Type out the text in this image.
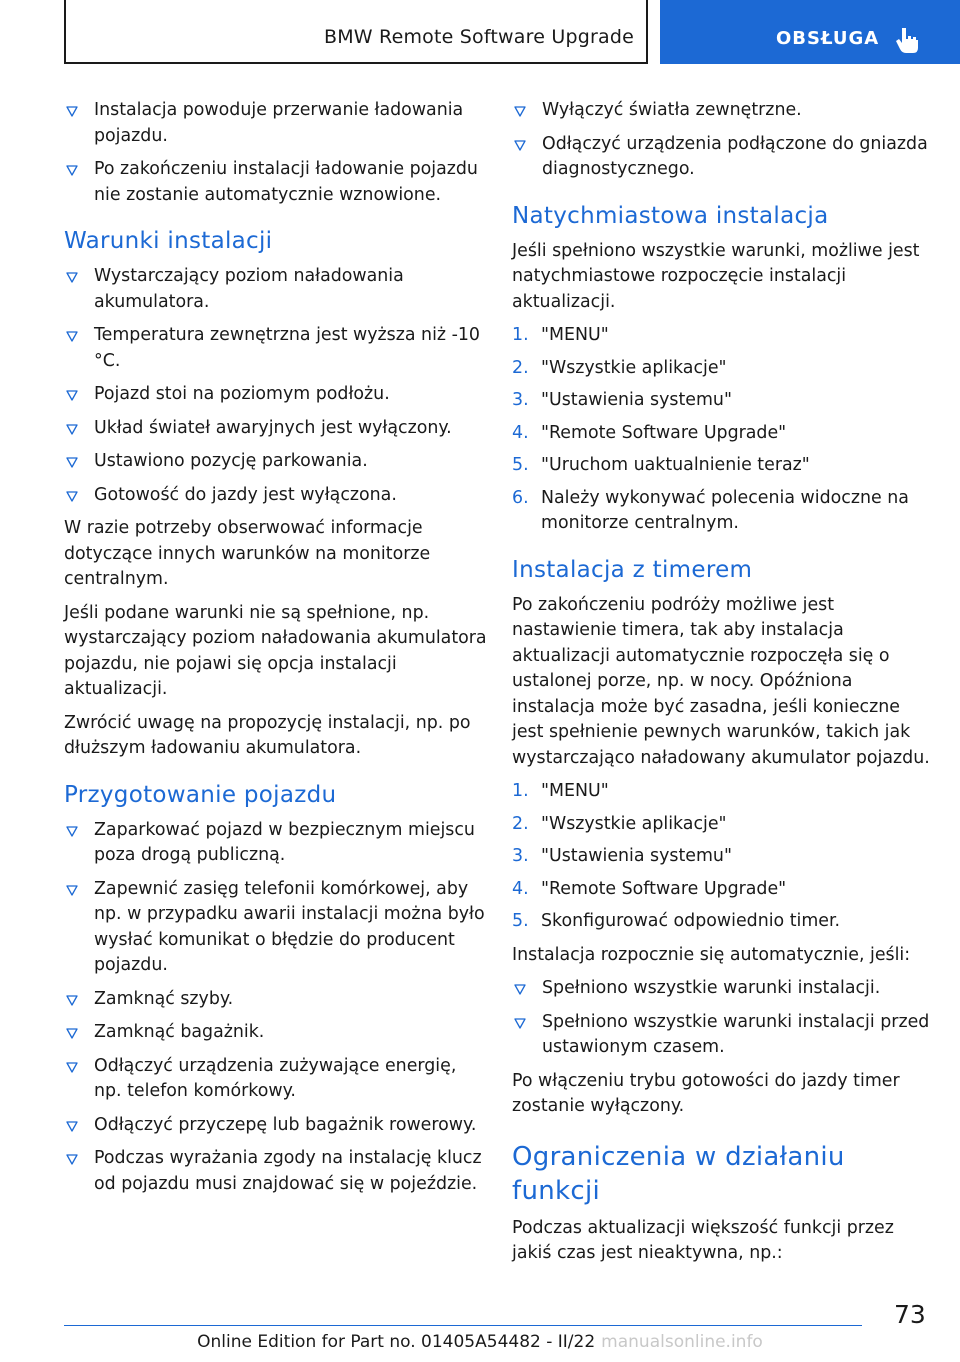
BMW Remote Software Upgrade	OBSŁUGA
Instalacja powoduje przerwanie ładowania pojazdu.
Po zakończeniu instalacji ładowanie pojazdu nie zostanie automatycznie wznowione.
Warunki instalacji
Wystarczający poziom naładowania akumulatora.
Temperatura zewnętrzna jest wyższa niż -10 °C.
Pojazd stoi na poziomym podłożu.
Układ świateł awaryjnych jest wyłączony.
Ustawiono pozycję parkowania.
Gotowość do jazdy jest wyłączona.

W razie potrzeby obserwować informacje dotyczące innych warunków na monitorze centralnym.

Jeśli podane warunki nie są spełnione, np. wystarczający poziom naładowania akumulatora pojazdu, nie pojawi się opcja instalacji aktualizacji.

Zwrócić uwagę na propozycję instalacji, np. po dłuższym ładowaniu akumulatora.

Przygotowanie pojazdu
Zaparkować pojazd w bezpiecznym miejscu poza drogą publiczną.
Zapewnić zasięg telefonii komórkowej, aby np. w przypadku awarii instalacji można było wysłać komunikat o błędzie do producent pojazdu.
Zamknąć szyby.
Zamknąć bagażnik.
Odłączyć urządzenia zużywające energię, np. telefon komórkowy.
Odłączyć przyczepę lub bagażnik rowerowy.
Podczas wyrażania zgody na instalację klucz od pojazdu musi znajdować się w pojeździe.
Wyłączyć światła zewnętrzne.
Odłączyć urządzenia podłączone do gniazda diagnostycznego.
Natychmiastowa instalacja

Jeśli spełniono wszystkie warunki, możliwe jest natychmiastowe rozpoczęcie instalacji aktualizacji.

1. "MENU"
2. "Wszystkie aplikacje"
3. "Ustawienia systemu"
4. "Remote Software Upgrade"
5. "Uruchom uaktualnienie teraz"
6. Należy wykonywać polecenia widoczne na monitorze centralnym.
Instalacja z timerem

Po zakończeniu podróży możliwe jest nastawienie timera, tak aby instalacja aktualizacji automatycznie rozpoczęła się o ustalonej porze, np. w nocy. Opóźniona instalacja może być zasadna, jeśli konieczne jest spełnienie pewnych warunków, takich jak wystarczająco naładowany akumulator pojazdu.

1. "MENU"
2. "Wszystkie aplikacje"
3. "Ustawienia systemu"
4. "Remote Software Upgrade"
5. Skonfigurować odpowiednio timer.

Instalacja rozpocznie się automatycznie, jeśli:

Spełniono wszystkie warunki instalacji.
Spełniono wszystkie warunki instalacji przed ustawionym czasem.

Po włączeniu trybu gotowości do jazdy timer zostanie wyłączony.

Ograniczenia w działaniu funkcji

Podczas aktualizacji większość funkcji przez jakiś czas jest nieaktywna, np.:

73
Online Edition for Part no. 01405A54482 - II/22 manualsonline.info
